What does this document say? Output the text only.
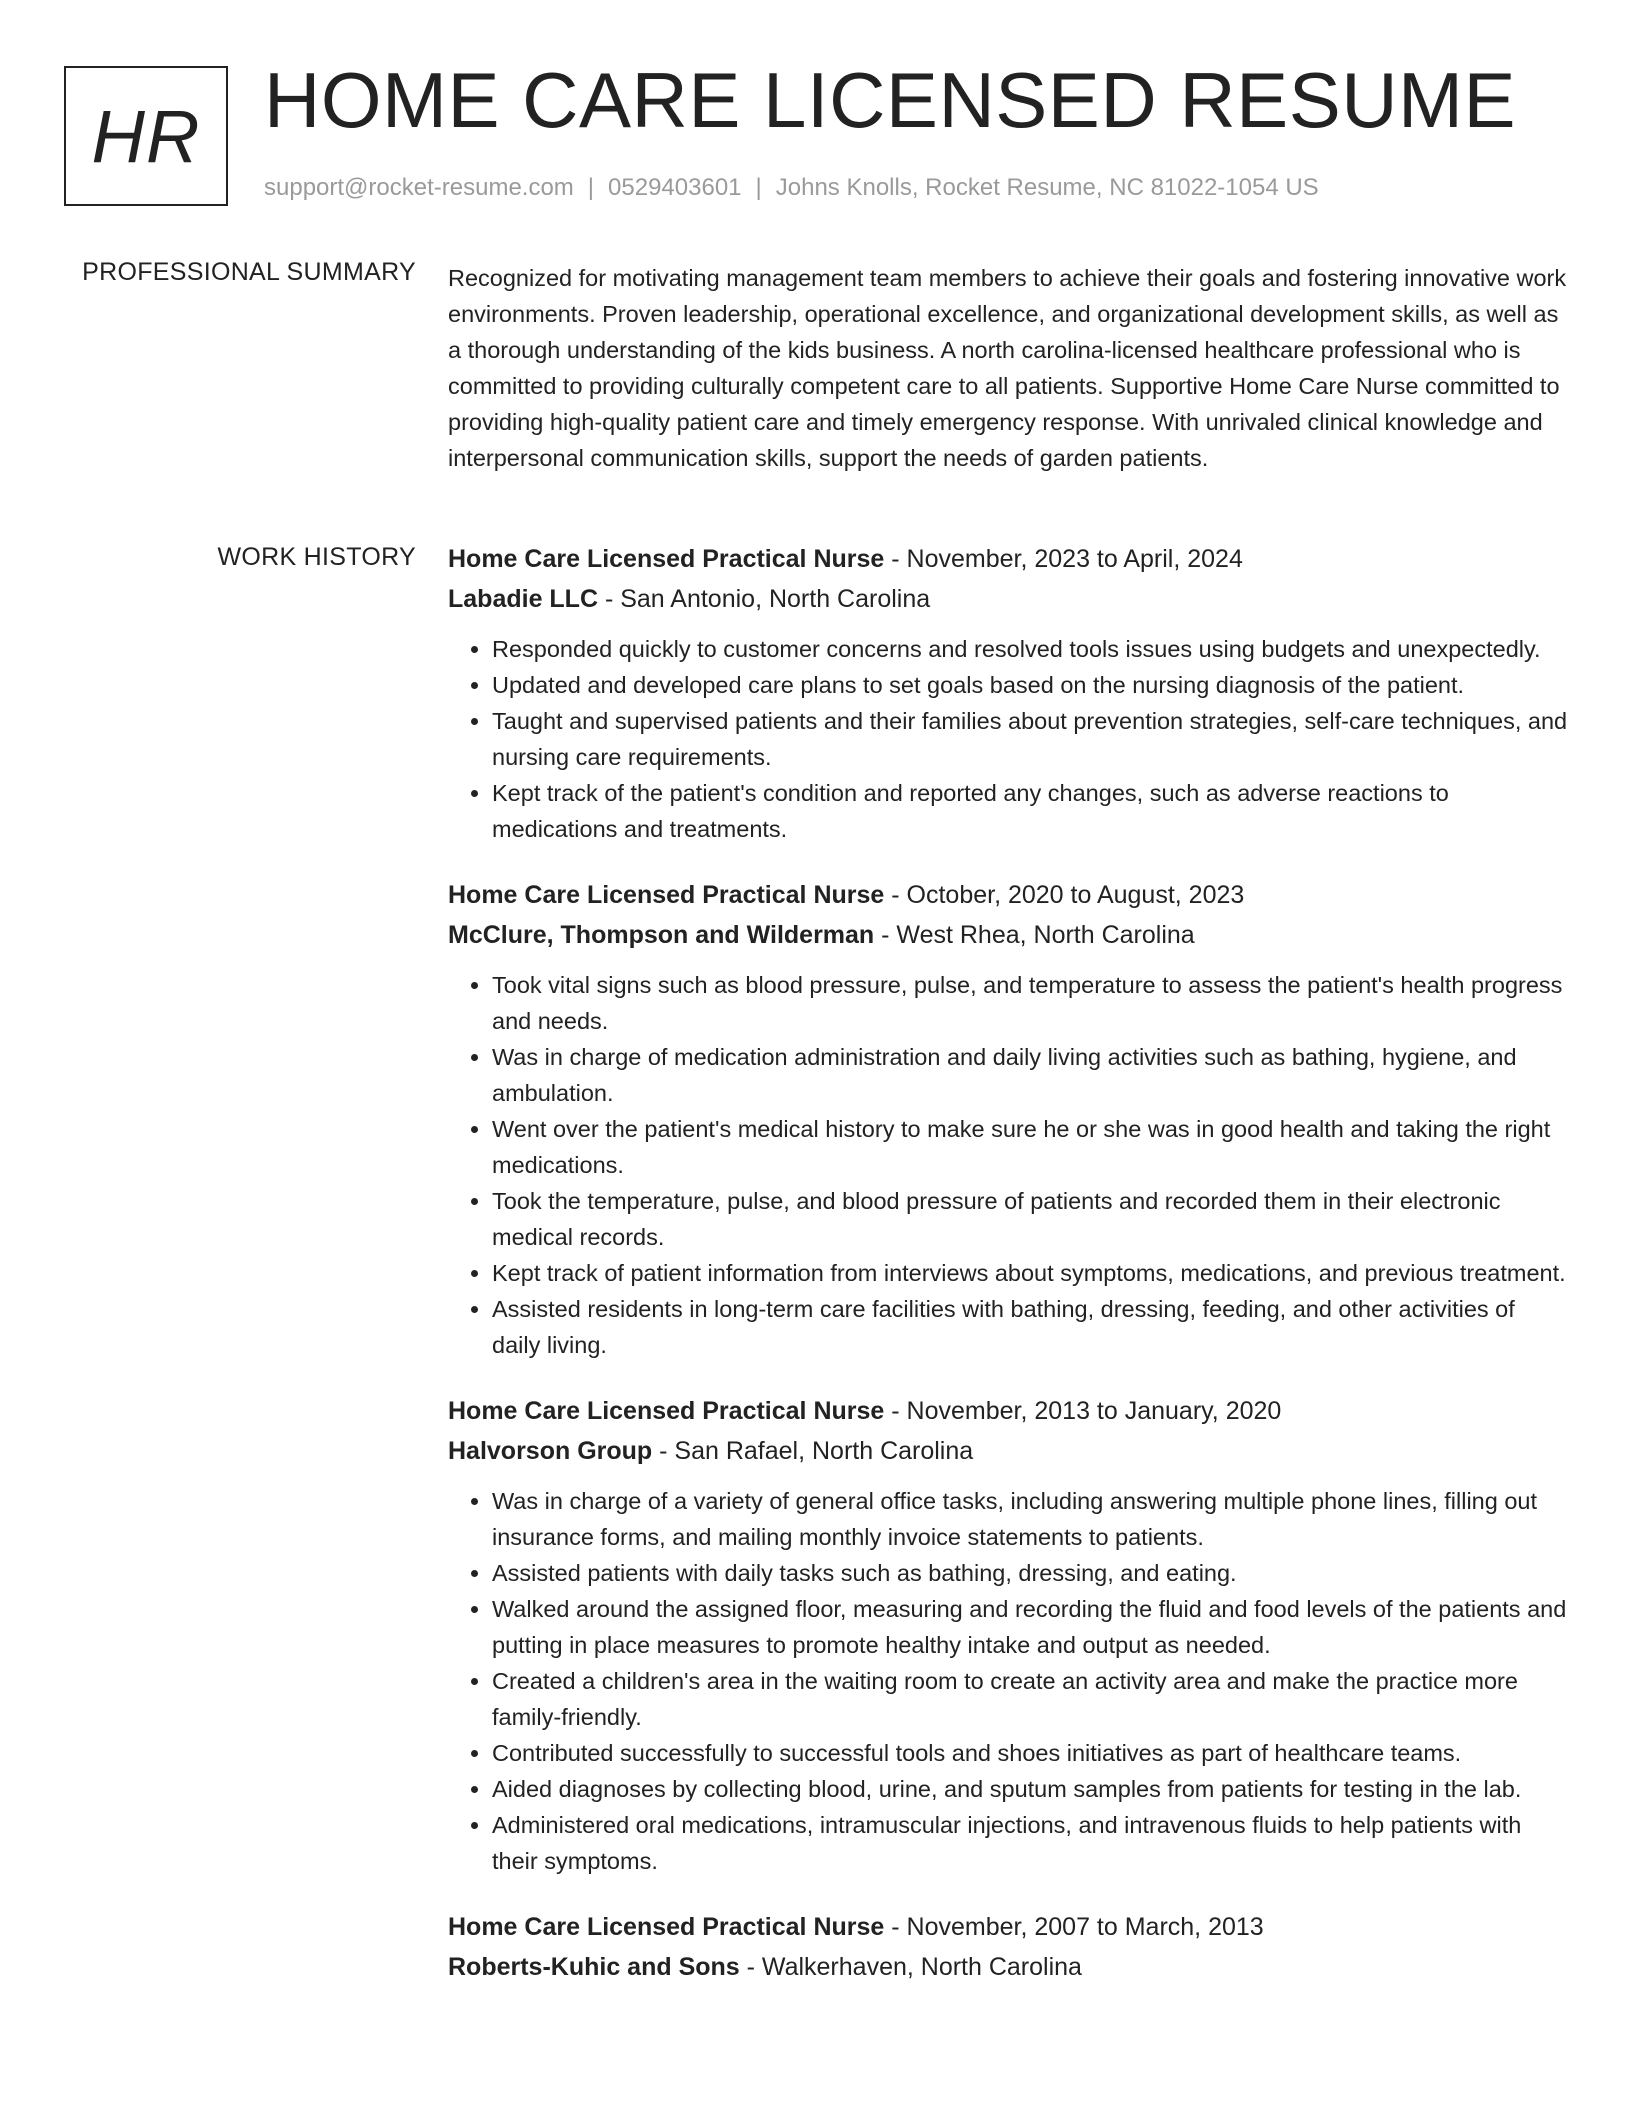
HR HOME CARE LICENSED RESUME
support@rocket-resume.com | 0529403601 | Johns Knolls, Rocket Resume, NC 81022-1054 US
PROFESSIONAL SUMMARY Recognized for motivating management team members to achieve their goals and fostering innovative work environments. Proven leadership, operational excellence, and organizational development skills, as well as a thorough understanding of the kids business. A north carolina-licensed healthcare professional who is committed to providing culturally competent care to all patients. Supportive Home Care Nurse committed to providing high-quality patient care and timely emergency response. With unrivaled clinical knowledge and interpersonal communication skills, support the needs of garden patients.

WORK HISTORY Home Care Licensed Practical Nurse - November, 2023 to April, 2024
Labadie LLC - San Antonio, North Carolina
• Responded quickly to customer concerns and resolved tools issues using budgets and unexpectedly.
• Updated and developed care plans to set goals based on the nursing diagnosis of the patient.
• Taught and supervised patients and their families about prevention strategies, self-care techniques, and nursing care requirements.
• Kept track of the patient's condition and reported any changes, such as adverse reactions to medications and treatments.
Home Care Licensed Practical Nurse - October, 2020 to August, 2023
McClure, Thompson and Wilderman - West Rhea, North Carolina
• Took vital signs such as blood pressure, pulse, and temperature to assess the patient's health progress and needs.
• Was in charge of medication administration and daily living activities such as bathing, hygiene, and ambulation.
• Went over the patient's medical history to make sure he or she was in good health and taking the right medications.
• Took the temperature, pulse, and blood pressure of patients and recorded them in their electronic medical records.
• Kept track of patient information from interviews about symptoms, medications, and previous treatment.
• Assisted residents in long-term care facilities with bathing, dressing, feeding, and other activities of daily living.
Home Care Licensed Practical Nurse - November, 2013 to January, 2020
Halvorson Group - San Rafael, North Carolina
• Was in charge of a variety of general office tasks, including answering multiple phone lines, filling out insurance forms, and mailing monthly invoice statements to patients.
• Assisted patients with daily tasks such as bathing, dressing, and eating.
• Walked around the assigned floor, measuring and recording the fluid and food levels of the patients and putting in place measures to promote healthy intake and output as needed.
• Created a children's area in the waiting room to create an activity area and make the practice more family-friendly.
• Contributed successfully to successful tools and shoes initiatives as part of healthcare teams.
• Aided diagnoses by collecting blood, urine, and sputum samples from patients for testing in the lab.
• Administered oral medications, intramuscular injections, and intravenous fluids to help patients with their symptoms.
Home Care Licensed Practical Nurse - November, 2007 to March, 2013
Roberts-Kuhic and Sons - Walkerhaven, North Carolina
